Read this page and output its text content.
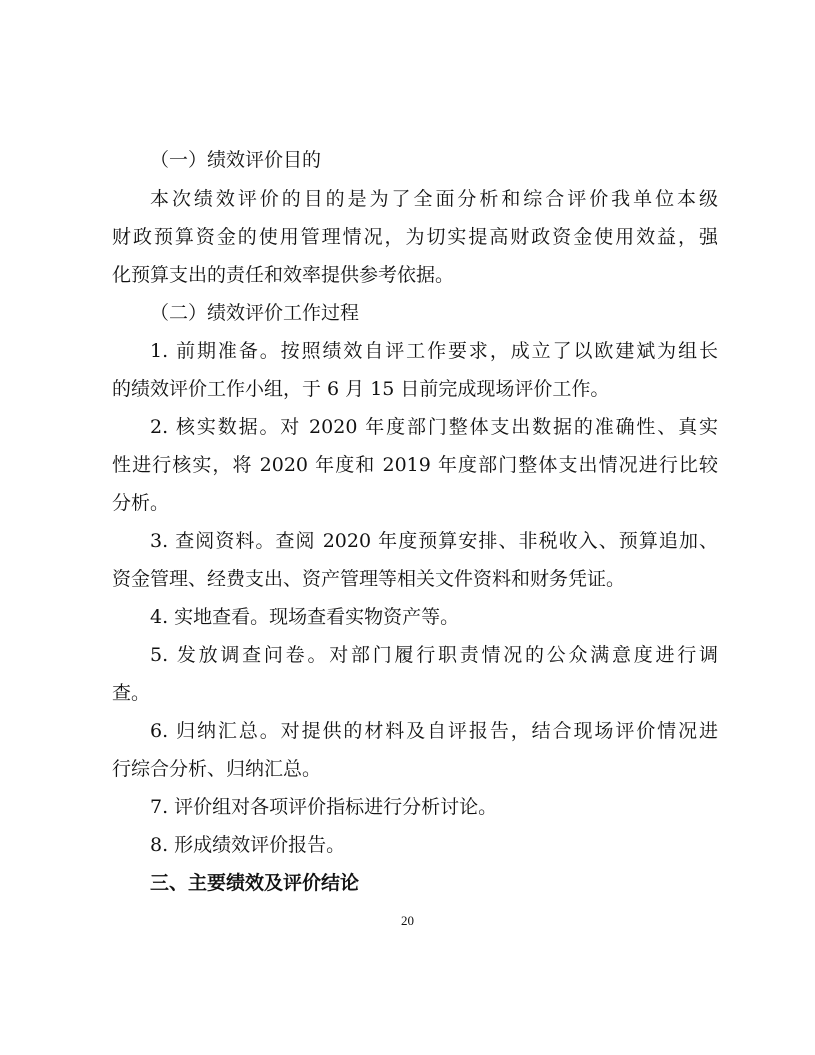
（一）绩效评价目的
本次绩效评价的目的是为了全面分析和综合评价我单位本级
财政预算资金的使用管理情况，为切实提高财政资金使用效益，强
化预算支出的责任和效率提供参考依据。
（二）绩效评价工作过程
1. 前期准备。按照绩效自评工作要求，成立了以欧建斌为组长
的绩效评价工作小组，于 6 月 15 日前完成现场评价工作。
2. 核实数据。对 2020 年度部门整体支出数据的准确性、真实
性进行核实，将 2020 年度和 2019 年度部门整体支出情况进行比较
分析。
3. 查阅资料。查阅 2020 年度预算安排、非税收入、预算追加、
资金管理、经费支出、资产管理等相关文件资料和财务凭证。
4. 实地查看。现场查看实物资产等。
5. 发放调查问卷。对部门履行职责情况的公众满意度进行调
查。
6. 归纳汇总。对提供的材料及自评报告，结合现场评价情况进
行综合分析、归纳汇总。
7. 评价组对各项评价指标进行分析讨论。
8. 形成绩效评价报告。
三、主要绩效及评价结论
20
